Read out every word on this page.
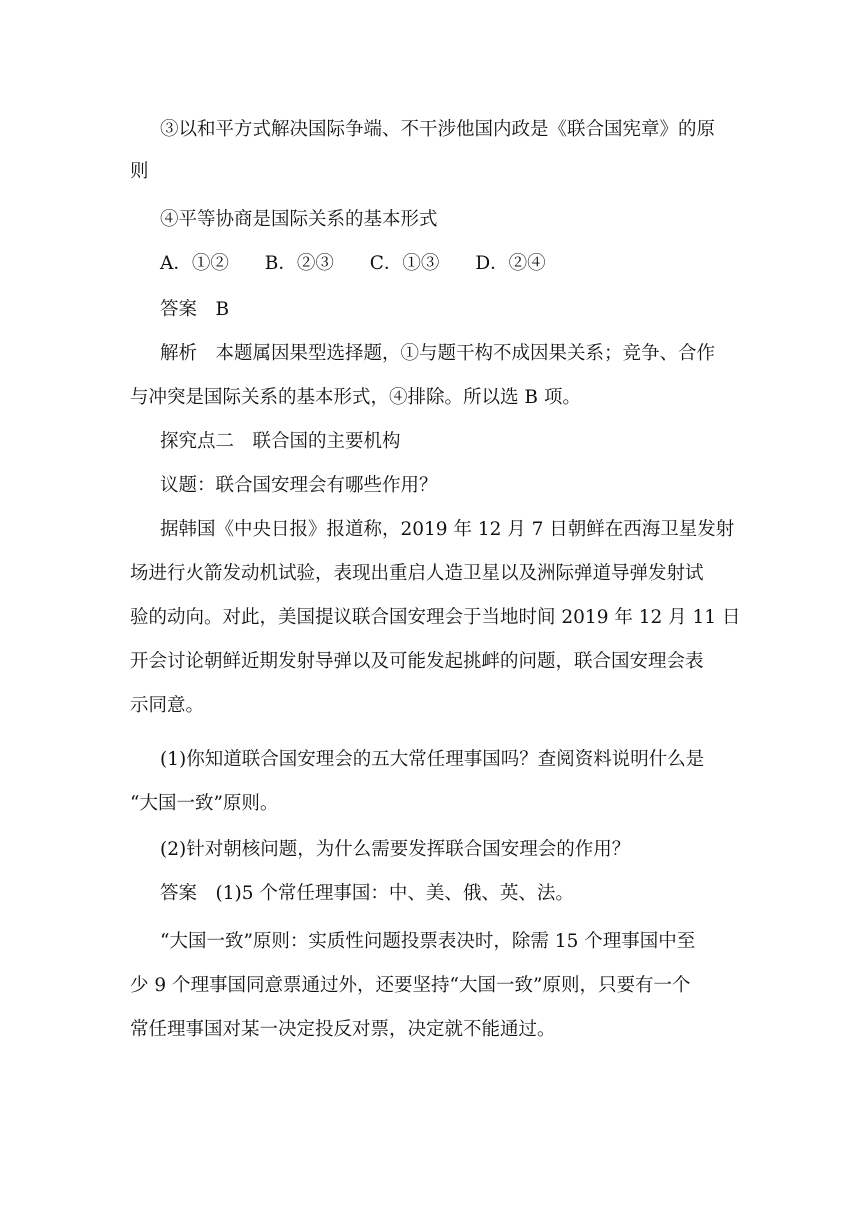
③以和平方式解决国际争端、不干涉他国内政是《联合国宪章》的原
则
④平等协商是国际关系的基本形式
A．①② B．②③ C．①③ D．②④
答案　B
解析　本题属因果型选择题，①与题干构不成因果关系；竞争、合作
与冲突是国际关系的基本形式，④排除。所以选 B 项。
探究点二　联合国的主要机构
议题：联合国安理会有哪些作用？
据韩国《中央日报》报道称，2019 年 12 月 7 日朝鲜在西海卫星发射
场进行火箭发动机试验，表现出重启人造卫星以及洲际弹道导弹发射试
验的动向。对此，美国提议联合国安理会于当地时间 2019 年 12 月 11 日
开会讨论朝鲜近期发射导弹以及可能发起挑衅的问题，联合国安理会表
示同意。
(1)你知道联合国安理会的五大常任理事国吗？查阅资料说明什么是
“大国一致”原则。
(2)针对朝核问题，为什么需要发挥联合国安理会的作用？
答案　(1)5 个常任理事国：中、美、俄、英、法。
“大国一致”原则：实质性问题投票表决时，除需 15 个理事国中至
少 9 个理事国同意票通过外，还要坚持“大国一致”原则，只要有一个
常任理事国对某一决定投反对票，决定就不能通过。
